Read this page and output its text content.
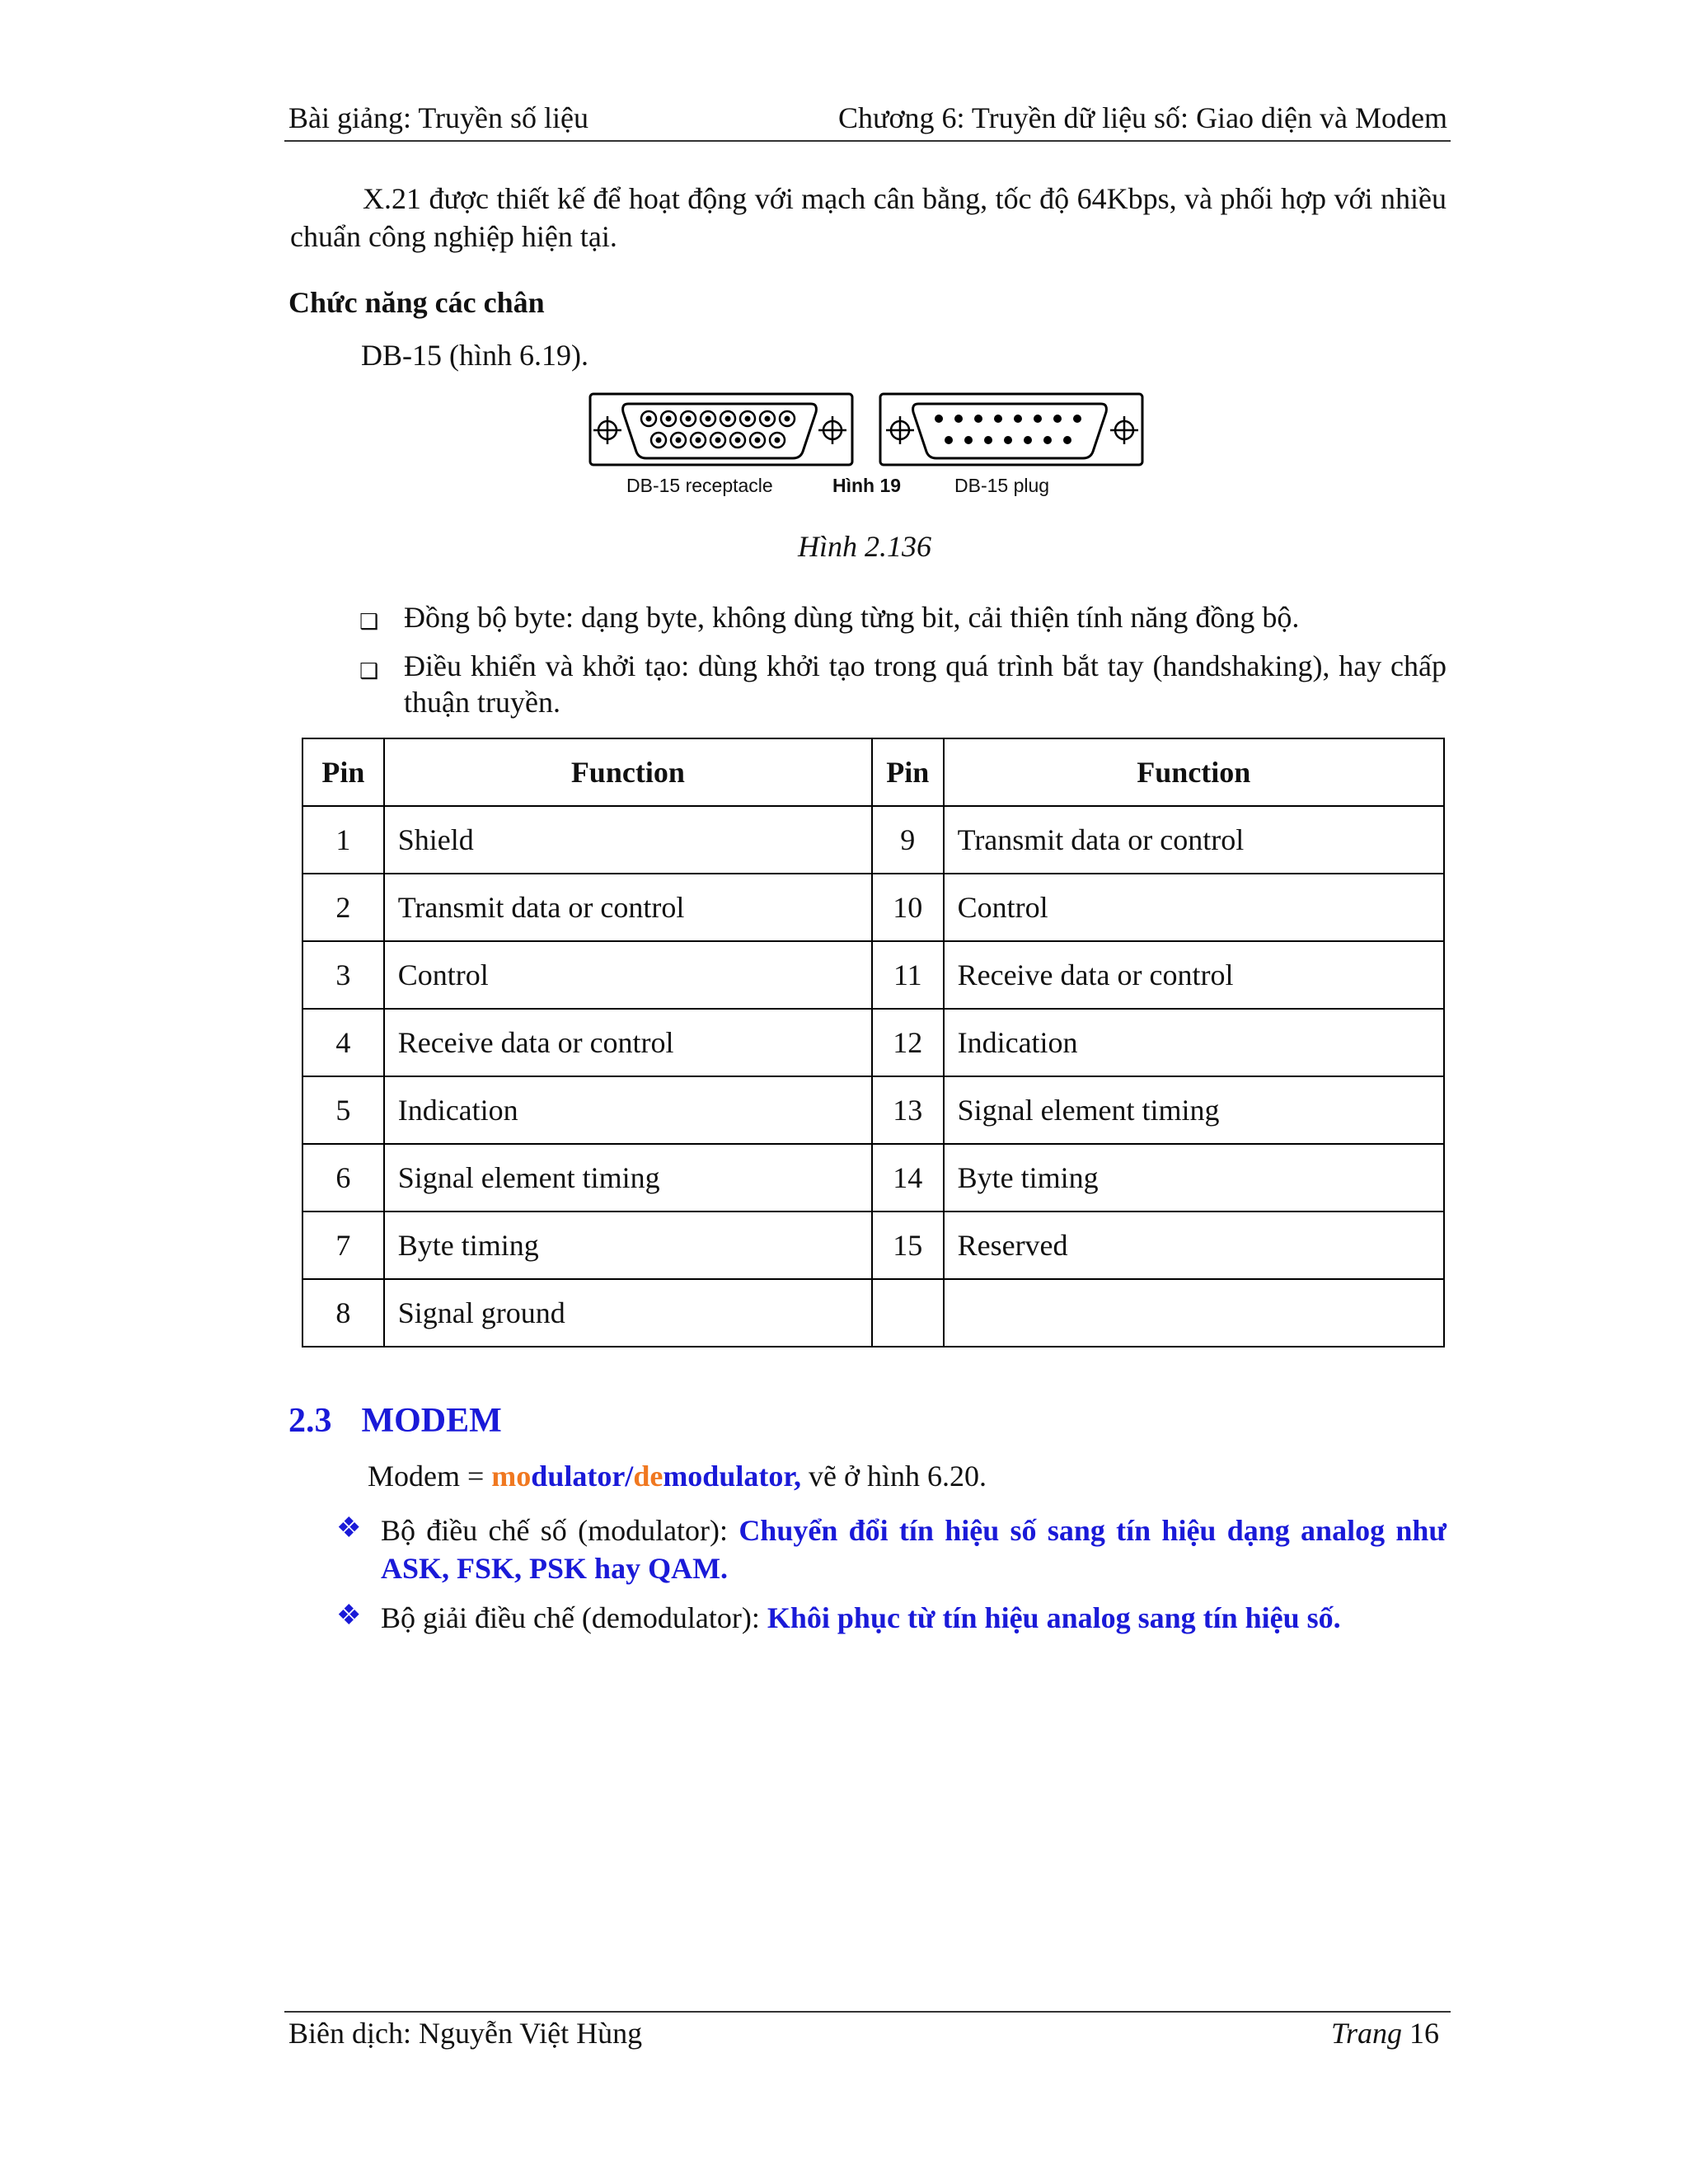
Bài giảng: Truyền số liệu	Chương 6: Truyền dữ liệu số: Giao diện và Modem
X.21 được thiết kế để hoạt động với mạch cân bằng, tốc độ 64Kbps, và phối hợp với nhiều chuẩn công nghiệp hiện tại.
Chức năng các chân
DB-15 (hình 6.19).
DB-15 receptacle	Hình 19	DB-15 plug
Hình 2.136
❑ Đồng bộ byte: dạng byte, không dùng từng bit, cải thiện tính năng đồng bộ.
❑ Điều khiển và khởi tạo: dùng khởi tạo trong quá trình bắt tay (handshaking), hay chấp thuận truyền.
Pin	Function	Pin	Function
1	Shield	9	Transmit data or control
2	Transmit data or control	10	Control
3	Control	11	Receive data or control
4	Receive data or control	12	Indication
5	Indication	13	Signal element timing
6	Signal element timing	14	Byte timing
7	Byte timing	15	Reserved
8	Signal ground		
2.3 MODEM
Modem = modulator/demodulator, vẽ ở hình 6.20.
❖ Bộ điều chế số (modulator): Chuyển đổi tín hiệu số sang tín hiệu dạng analog như ASK, FSK, PSK hay QAM.
❖ Bộ giải điều chế (demodulator): Khôi phục từ tín hiệu analog sang tín hiệu số.
Biên dịch: Nguyễn Việt Hùng	Trang 16
